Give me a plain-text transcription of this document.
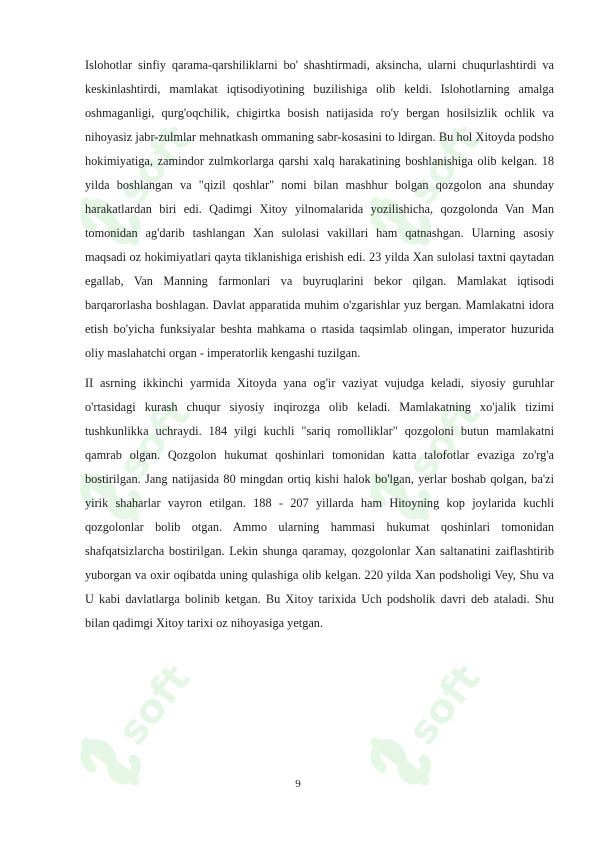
soft	soft
soft	soft
soft	soft

Islohotlar sinfiy qarama-qarshiliklarni bo' shashtirmadi, aksincha, ularni chuqurlashtirdi va keskinlashtirdi, mamlakat iqtisodiyotining buzilishiga olib keldi. Islohotlarning amalga oshmaganligi, qurg'oqchilik, chigirtka bosish natijasida ro'y bergan hosilsizlik ochlik va nihoyasiz jabr-zulmlar mehnatkash ommaning sabr-kosasini to ldirgan. Bu hol Xitoyda podsho hokimiyatiga, zamindor zulmkorlarga qarshi xalq harakatining boshlanishiga olib kelgan. 18 yilda boshlangan va "qizil qoshlar" nomi bilan mashhur bolgan qozgolon ana shunday harakatlardan biri edi. Qadimgi Xitoy yilnomalarida yozilishicha, qozgolonda Van Man tomonidan ag'darib tashlangan Xan sulolasi vakillari ham qatnashgan. Ularning asosiy maqsadi oz hokimiyatlari qayta tiklanishiga erishish edi. 23 yilda Xan sulolasi taxtni qaytadan egallab, Van Manning farmonlari va buyruqlarini bekor qilgan. Mamlakat iqtisodi barqarorlasha boshlagan. Davlat apparatida muhim o'zgarishlar yuz bergan. Mamlakatni idora etish bo'yicha funksiyalar beshta mahkama o rtasida taqsimlab olingan, imperator huzurida oliy maslahatchi organ - imperatorlik kengashi tuzilgan.

II asrning ikkinchi yarmida Xitoyda yana og'ir vaziyat vujudga keladi, siyosiy guruhlar o'rtasidagi kurash chuqur siyosiy inqirozga olib keladi. Mamlakatning xo'jalik tizimi tushkunlikka uchraydi. 184 yilgi kuchli "sariq romolliklar" qozgoloni butun mamlakatni qamrab olgan. Qozgolon hukumat qoshinlari tomonidan katta talofotlar evaziga zo'rg'a bostirilgan. Jang natijasida 80 mingdan ortiq kishi halok bo'lgan, yerlar boshab qolgan, ba'zi yirik shaharlar vayron etilgan. 188 - 207 yillarda ham Hitoyning kop joylarida kuchli qozgolonlar bolib otgan. Ammo ularning hammasi hukumat qoshinlari tomonidan shafqatsizlarcha bostirilgan. Lekin shunga qaramay, qozgolonlar Xan saltanatini zaiflashtirib yuborgan va oxir oqibatda uning qulashiga olib kelgan. 220 yilda Xan podsholigi Vey, Shu va U kabi davlatlarga bolinib ketgan. Bu Xitoy tarixida Uch podsholik davri deb ataladi. Shu bilan qadimgi Xitoy tarixi oz nihoyasiga yetgan.

9
